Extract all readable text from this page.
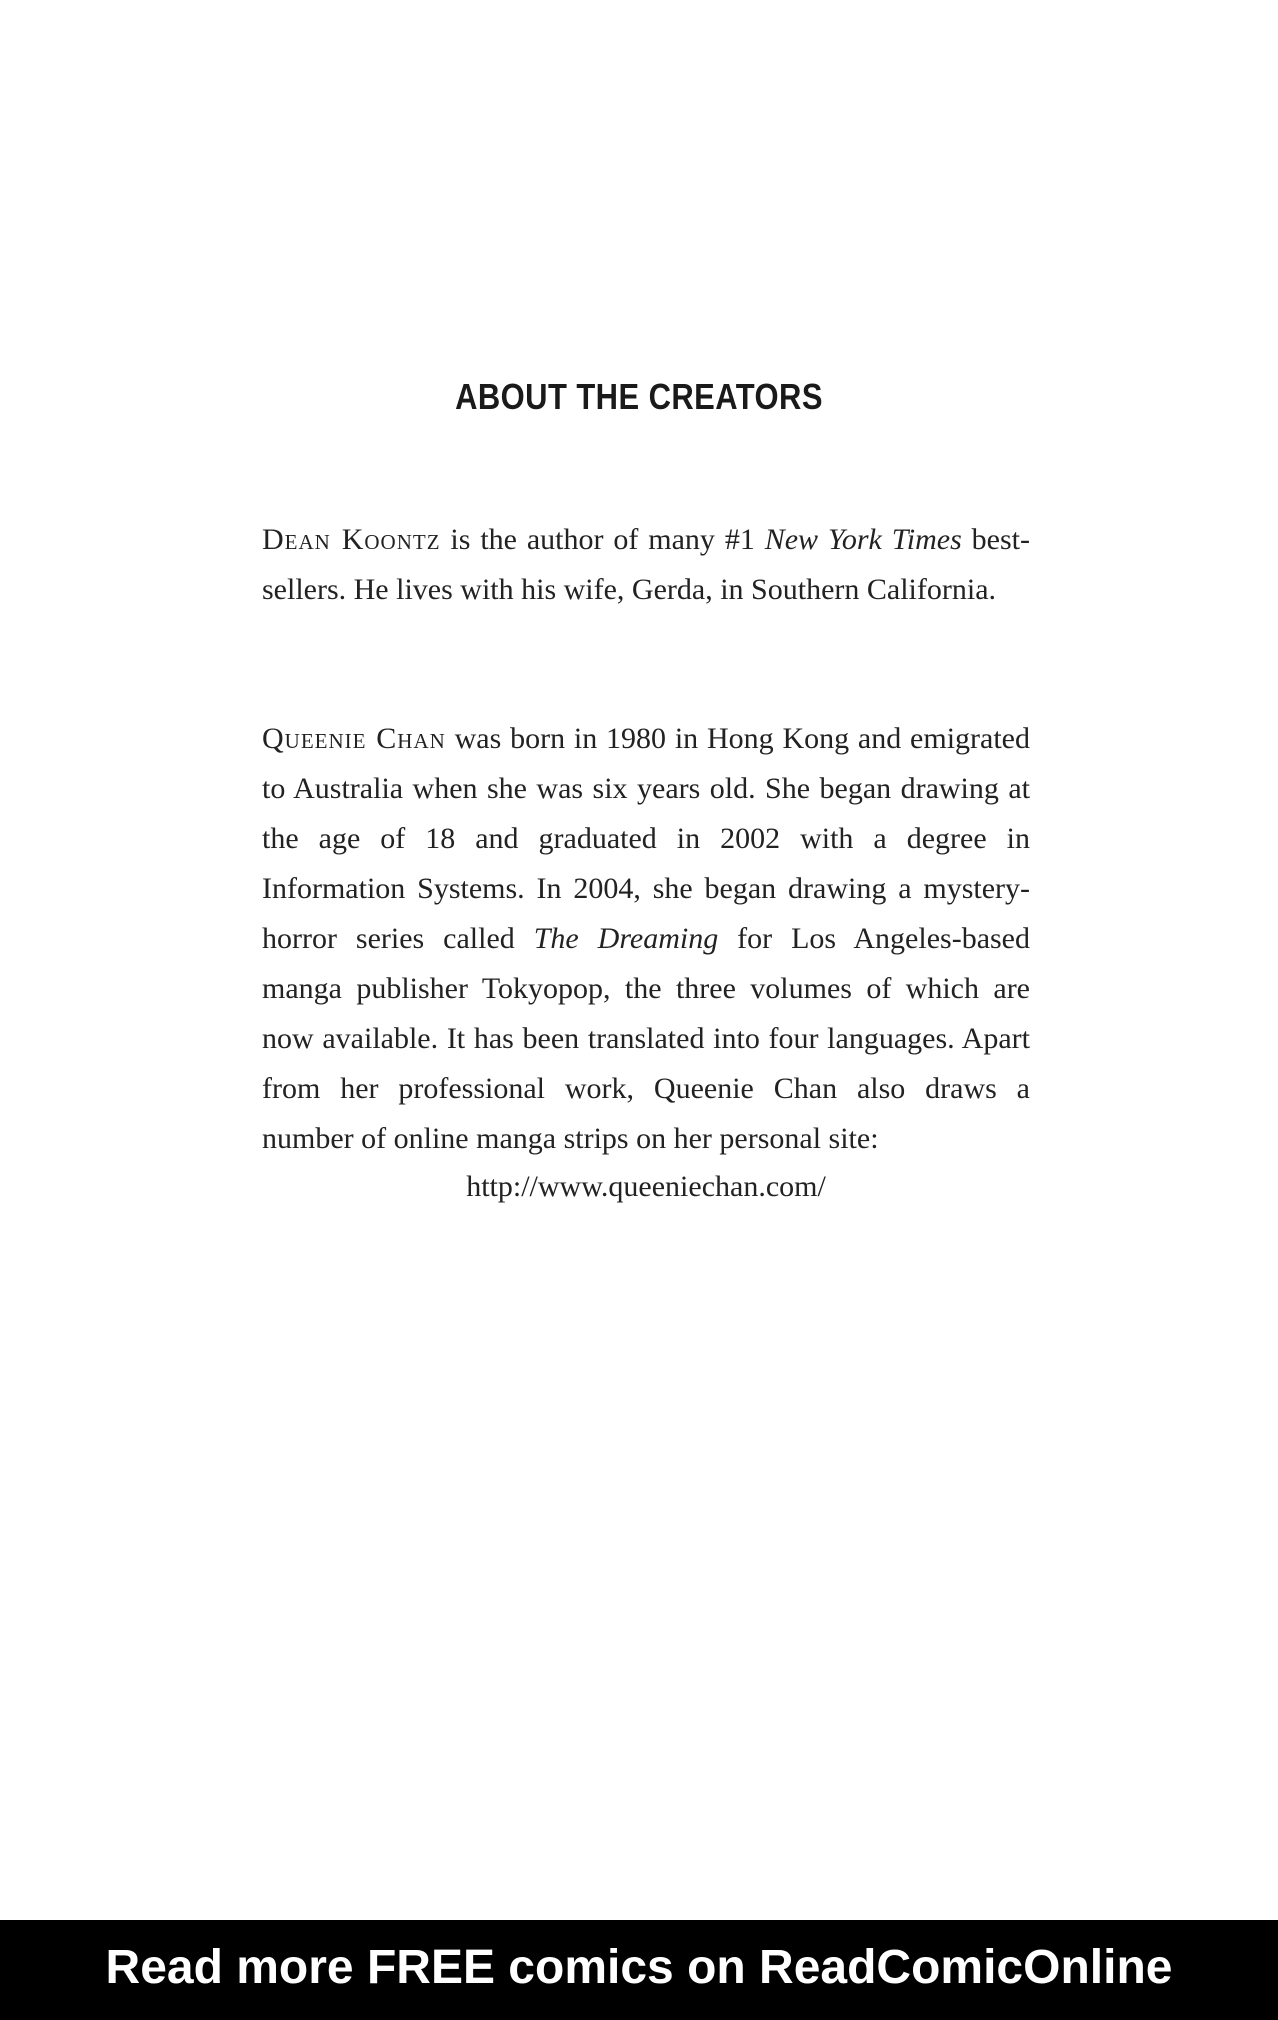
ABOUT THE CREATORS

Dean Koontz is the author of many #1 New York Times bestsellers. He lives with his wife, Gerda, in Southern California.

Queenie Chan was born in 1980 in Hong Kong and emigrated to Australia when she was six years old. She began drawing at the age of 18 and graduated in 2002 with a degree in Information Systems. In 2004, she began drawing a mystery-horror series called The Dreaming for Los Angeles-based manga publisher Tokyopop, the three volumes of which are now available. It has been translated into four languages. Apart from her professional work, Queenie Chan also draws a number of online manga strips on her personal site:

http://www.queeniechan.com/

Read more FREE comics on ReadComicOnline
